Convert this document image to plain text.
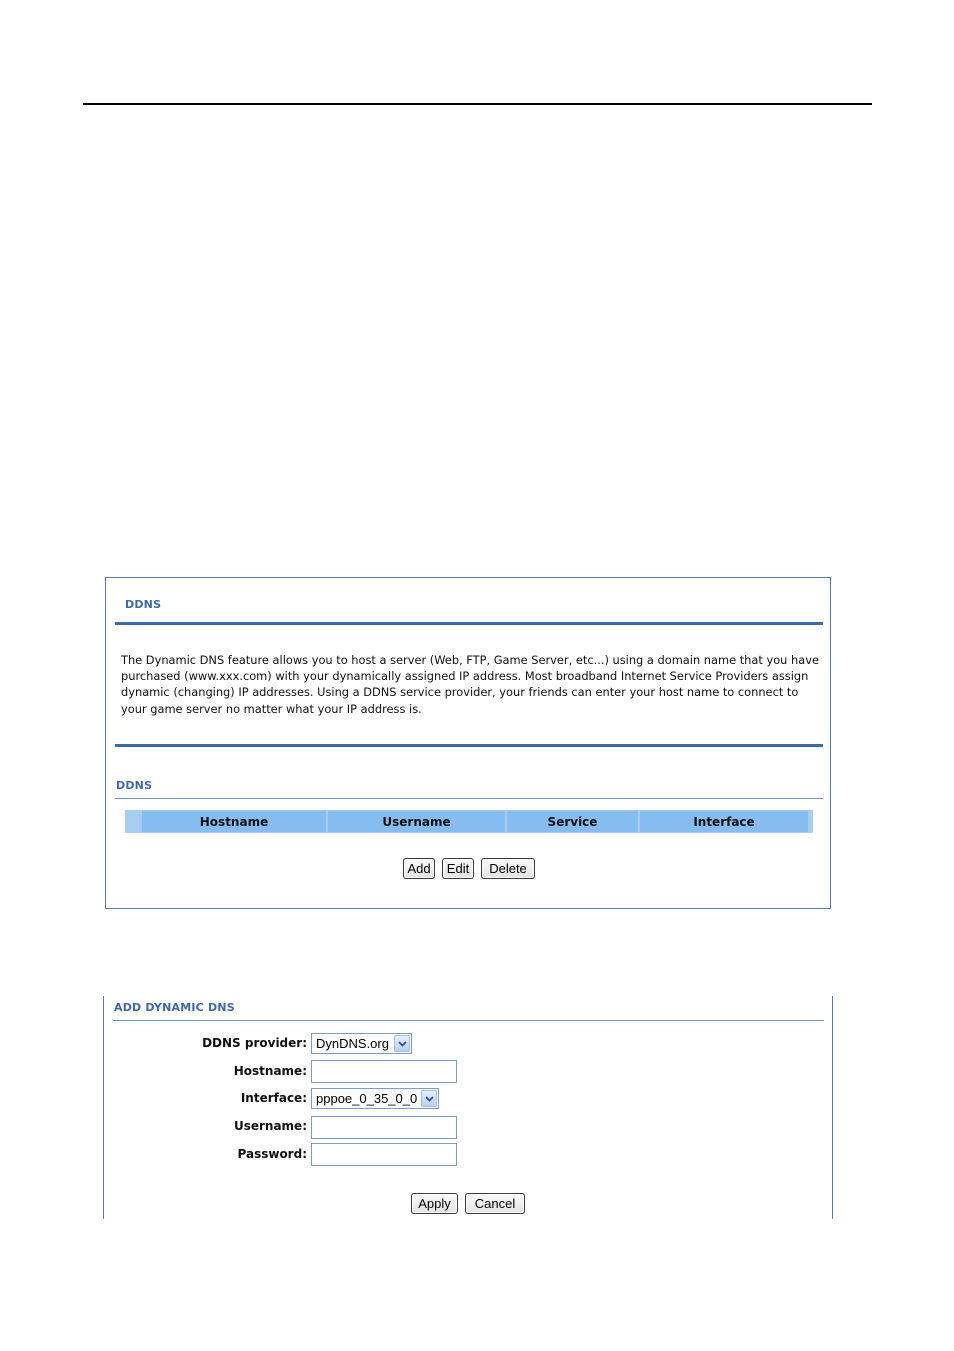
DDNS
The Dynamic DNS feature allows you to host a server (Web, FTP, Game Server, etc...) using a domain name that you have purchased (www.xxx.com) with your dynamically assigned IP address. Most broadband Internet Service Providers assign dynamic (changing) IP addresses. Using a DDNS service provider, your friends can enter your host name to connect to your game server no matter what your IP address is.
DDNS
Hostname	Username	Service	Interface
Add	Edit	Delete
ADD DYNAMIC DNS
DDNS provider: DynDNS.org
Hostname:
Interface: pppoe_0_35_0_0
Username:
Password:
Apply	Cancel
